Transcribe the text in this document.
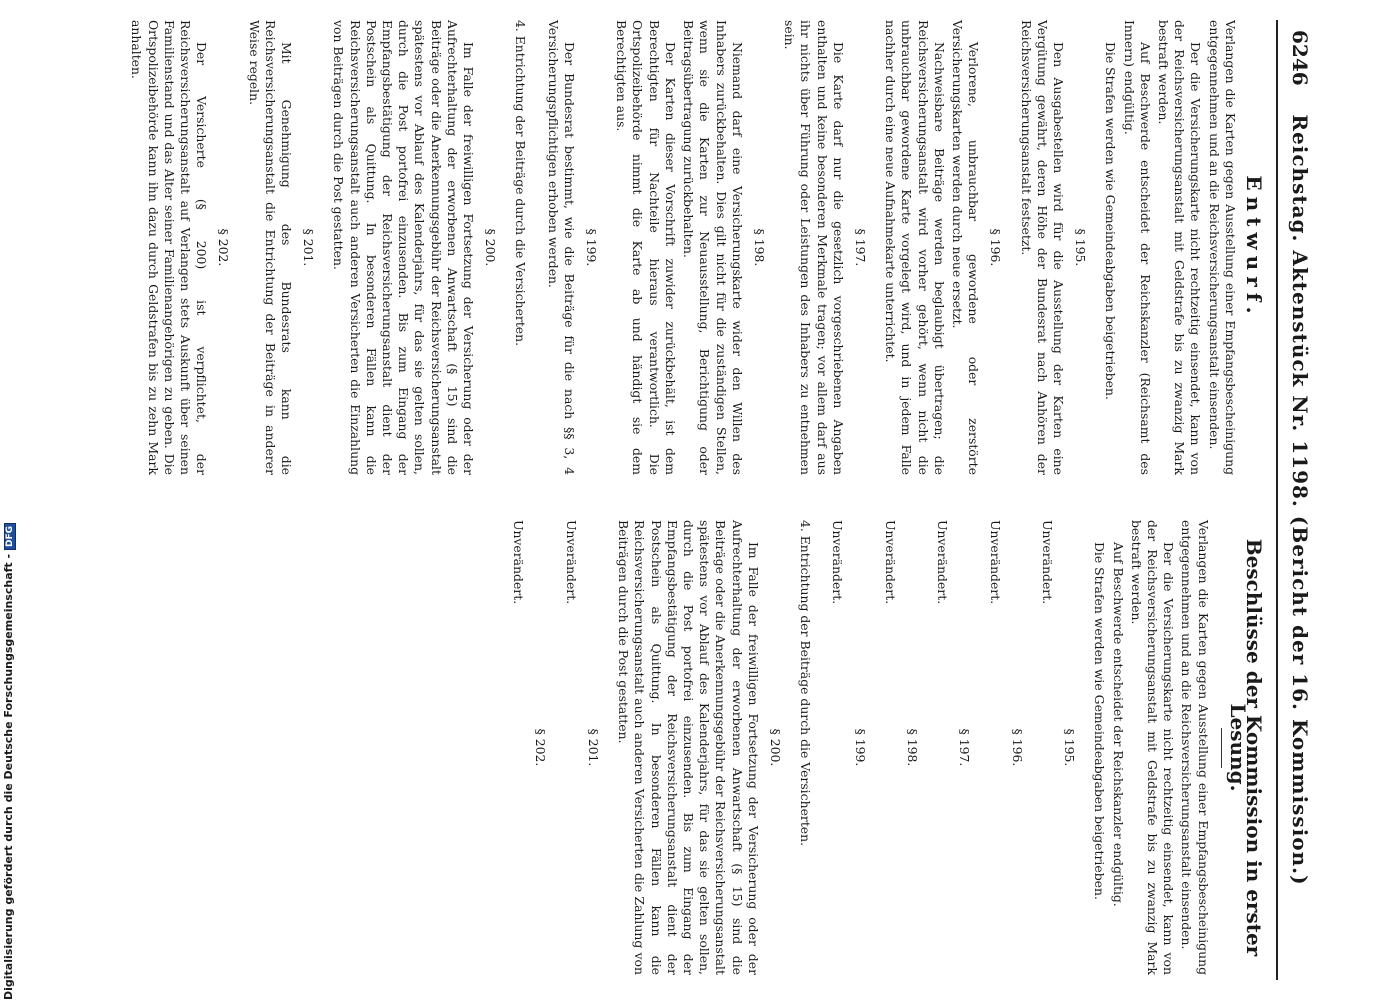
6246
Reichstag. Aktenstück Nr. 1198. (Bericht der 16. Kommission.)
Entwurf.

Verlangen die Karten gegen Ausstellung einer Empfangsbescheinigung entgegennehmen und an die Reichsversicherungsanstalt einsenden.

Der die Versicherungskarte nicht rechtzeitig einsendet, kann von der Reichsversicherungsanstalt mit Geldstrafe bis zu zwanzig Mark bestraft werden.

Auf Beschwerde entscheidet der Reichskanzler (Reichsamt des Innern) endgültig.

Die Strafen werden wie Gemeindeabgaben beigetrieben.

§ 195.

Den Ausgabestellen wird für die Ausstellung der Karten eine Vergütung gewährt, deren Höhe der Bundesrat nach Anhören der Reichsversicherungsanstalt festsetzt.

§ 196.

Verlorene, unbrauchbar gewordene oder zerstörte Versicherungskarten werden durch neue ersetzt.

Nachweisbare Beiträge werden beglaubigt übertragen; die Reichsversicherungsanstalt wird vorher gehört, wenn nicht die unbrauchbar gewordene Karte vorgelegt wird, und in jedem Falle nachher durch eine neue Aufnahmekarte unterrichtet.

§ 197.

Die Karte darf nur die gesetzlich vorgeschriebenen Angaben enthalten und keine besonderen Merkmale tragen; vor allem darf aus ihr nichts über Führung oder Leistungen des Inhabers zu entnehmen sein.

§ 198.

Niemand darf eine Versicherungskarte wider den Willen des Inhabers zurückbehalten. Dies gilt nicht für die zuständigen Stellen, wenn sie die Karten zur Neuausstellung, Berichtigung oder Beitragsübertragung zurückbehalten.

Der Karten dieser Vorschrift zuwider zurückbehält, ist dem Berechtigten für Nachteile hieraus verantwortlich. Die Ortspolizeibehörde nimmt die Karte ab und händigt sie dem Berechtigten aus.

§ 199.

Der Bundesrat bestimmt, wie die Beiträge für die nach §§ 3, 4 Versicherungspflichtigen erhoben werden.

4. Entrichtung der Beiträge durch die Versicherten.

§ 200.

Im Falle der freiwilligen Fortsetzung der Versicherung oder der Aufrechterhaltung der erworbenen Anwartschaft (§ 15) sind die Beiträge oder die Anerkennungsgebühr der Reichsversicherungsanstalt spätestens vor Ablauf des Kalenderjahrs, für das sie gelten sollen, durch die Post portofrei einzusenden. Bis zum Eingang der Empfangsbestätigung der Reichsversicherungsanstalt dient der Postschein als Quittung. In besonderen Fällen kann die Reichsversicherungsanstalt auch anderen Versicherten die Einzahlung von Beiträgen durch die Post gestatten.

§ 201.

Mit Genehmigung des Bundesrats kann die Reichsversicherungsanstalt die Entrichtung der Beiträge in anderer Weise regeln.

§ 202.

Der Versicherte (§ 200) ist verpflichtet, der Reichsversicherungsanstalt auf Verlangen stets Auskunft über seinen Familienstand und das Alter seiner Familienangehörigen zu geben. Die Ortspolizeibehörde kann ihn dazu durch Geldstrafen bis zu zehn Mark anhalten.

Beschlüsse der Kommission in erster Lesung.

Verlangen die Karten gegen Ausstellung einer Empfangsbescheinigung entgegennehmen und an die Reichsversicherungsanstalt einsenden.

Der die Versicherungskarte nicht rechtzeitig einsendet, kann von der Reichsversicherungsanstalt mit Geldstrafe bis zu zwanzig Mark bestraft werden.

Auf Beschwerde entscheidet der Reichskanzler endgültig.

Die Strafen werden wie Gemeindeabgaben beigetrieben.

§ 195.

Unverändert.

§ 196.

Unverändert.

§ 197.

Unverändert.

§ 198.

Unverändert.

§ 199.

Unverändert.

4. Entrichtung der Beiträge durch die Versicherten.

§ 200.

Im Falle der freiwilligen Fortsetzung der Versicherung oder der Aufrechterhaltung der erworbenen Anwartschaft (§ 15) sind die Beiträge oder die Anerkennungsgebühr der Reichsversicherungsanstalt spätestens vor Ablauf des Kalenderjahrs, für das sie gelten sollen, durch die Post portofrei einzusenden. Bis zum Eingang der Empfangsbestätigung der Reichsversicherungsanstalt dient der Postschein als Quittung. In besonderen Fällen kann die Reichsversicherungsanstalt auch anderen Versicherten die Zahlung von Beiträgen durch die Post gestatten.

§ 201.

Unverändert.

§ 202.

Unverändert.

Digitalisierung gefördert durch die Deutsche Forschungsgemeinschaft -DFG
